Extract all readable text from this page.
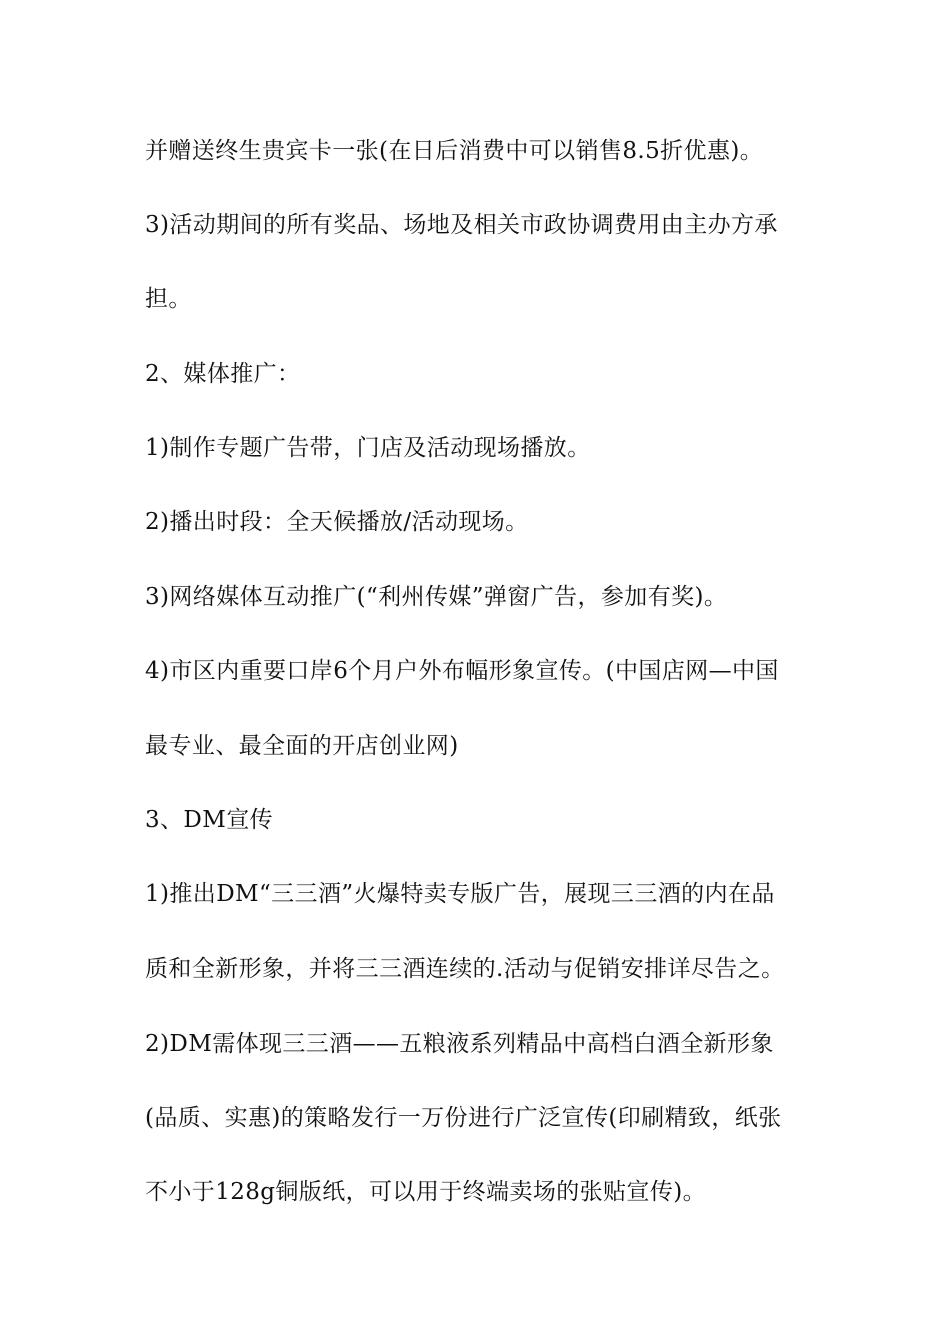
并赠送终生贵宾卡一张(在日后消费中可以销售8.5折优惠)。
3)活动期间的所有奖品、场地及相关市政协调费用由主办方承
担。
2、媒体推广：
1)制作专题广告带，门店及活动现场播放。
2)播出时段：全天候播放/活动现场。
3)网络媒体互动推广(“利州传媒”弹窗广告，参加有奖)。
4)市区内重要口岸6个月户外布幅形象宣传。(中国店网—中国
最专业、最全面的开店创业网)
3、DM宣传
1)推出DM“三三酒”火爆特卖专版广告，展现三三酒的内在品
质和全新形象，并将三三酒连续的.活动与促销安排详尽告之。
2)DM需体现三三酒——五粮液系列精品中高档白酒全新形象
(品质、实惠)的策略发行一万份进行广泛宣传(印刷精致，纸张
不小于128g铜版纸，可以用于终端卖场的张贴宣传)。
